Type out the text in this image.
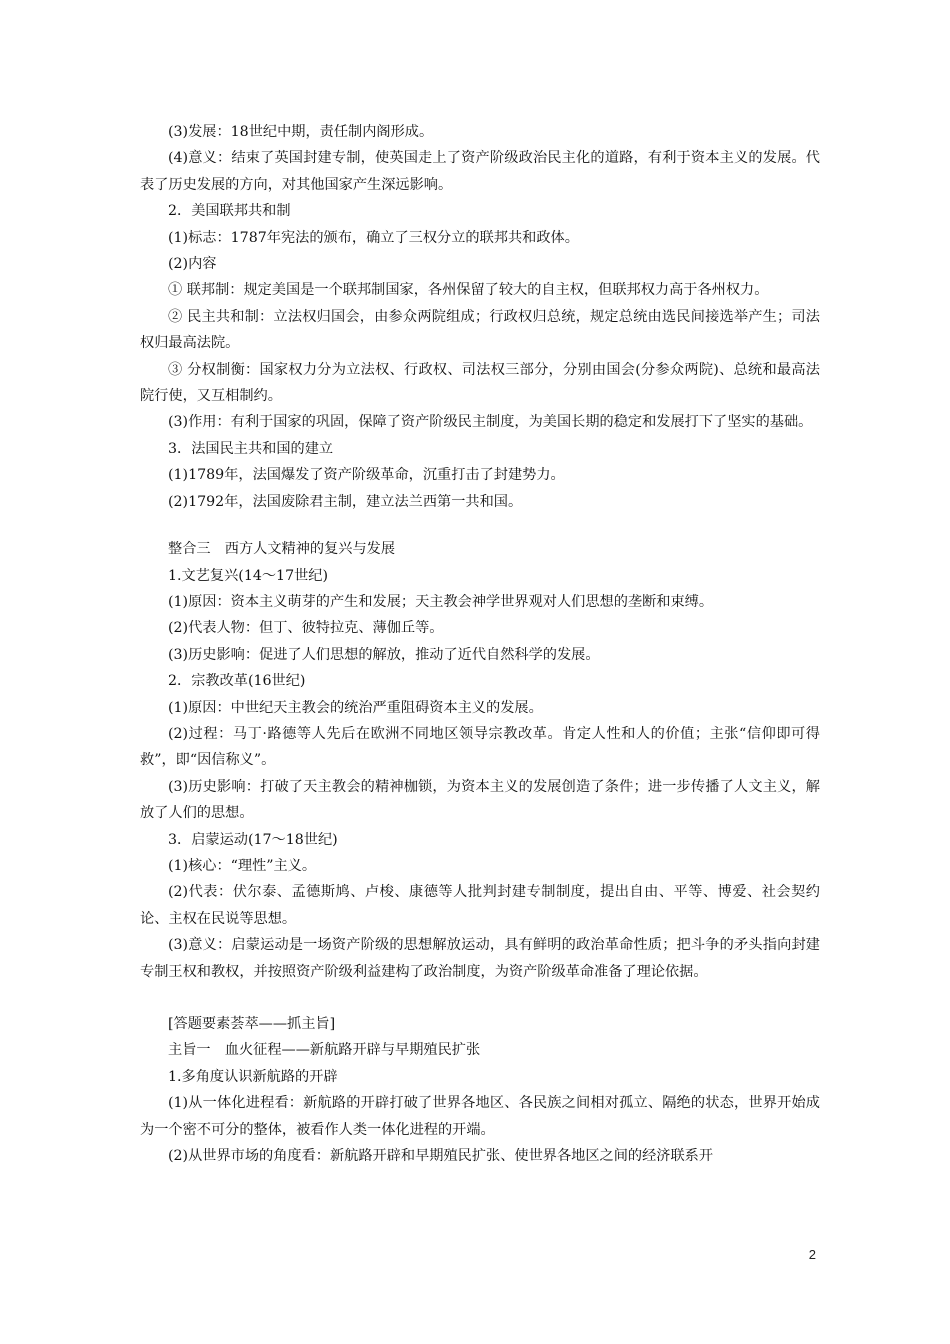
(3)发展：18世纪中期，责任制内阁形成。

(4)意义：结束了英国封建专制，使英国走上了资产阶级政治民主化的道路，有利于资本主义的发展。代表了历史发展的方向，对其他国家产生深远影响。

2．美国联邦共和制

(1)标志：1787年宪法的颁布，确立了三权分立的联邦共和政体。

(2)内容

① 联邦制：规定美国是一个联邦制国家，各州保留了较大的自主权，但联邦权力高于各州权力。

② 民主共和制：立法权归国会，由参众两院组成；行政权归总统，规定总统由选民间接选举产生；司法权归最高法院。

③ 分权制衡：国家权力分为立法权、行政权、司法权三部分，分别由国会(分参众两院)、总统和最高法院行使，又互相制约。

(3)作用：有利于国家的巩固，保障了资产阶级民主制度，为美国长期的稳定和发展打下了坚实的基础。

3．法国民主共和国的建立

(1)1789年，法国爆发了资产阶级革命，沉重打击了封建势力。

(2)1792年，法国废除君主制，建立法兰西第一共和国。

整合三　西方人文精神的复兴与发展

1.文艺复兴(14～17世纪)

(1)原因：资本主义萌芽的产生和发展；天主教会神学世界观对人们思想的垄断和束缚。

(2)代表人物：但丁、彼特拉克、薄伽丘等。

(3)历史影响：促进了人们思想的解放，推动了近代自然科学的发展。

2．宗教改革(16世纪)

(1)原因：中世纪天主教会的统治严重阻碍资本主义的发展。

(2)过程：马丁·路德等人先后在欧洲不同地区领导宗教改革。肯定人性和人的价值；主张“信仰即可得救”，即“因信称义”。

(3)历史影响：打破了天主教会的精神枷锁，为资本主义的发展创造了条件；进一步传播了人文主义，解放了人们的思想。

3．启蒙运动(17～18世纪)

(1)核心：“理性”主义。

(2)代表：伏尔泰、孟德斯鸠、卢梭、康德等人批判封建专制制度，提出自由、平等、博爱、社会契约论、主权在民说等思想。

(3)意义：启蒙运动是一场资产阶级的思想解放运动，具有鲜明的政治革命性质；把斗争的矛头指向封建专制王权和教权，并按照资产阶级利益建构了政治制度，为资产阶级革命准备了理论依据。

[答题要素荟萃——抓主旨]

主旨一　血火征程——新航路开辟与早期殖民扩张

1.多角度认识新航路的开辟

(1)从一体化进程看：新航路的开辟打破了世界各地区、各民族之间相对孤立、隔绝的状态，世界开始成为一个密不可分的整体，被看作人类一体化进程的开端。

(2)从世界市场的角度看：新航路开辟和早期殖民扩张、使世界各地区之间的经济联系开

2
